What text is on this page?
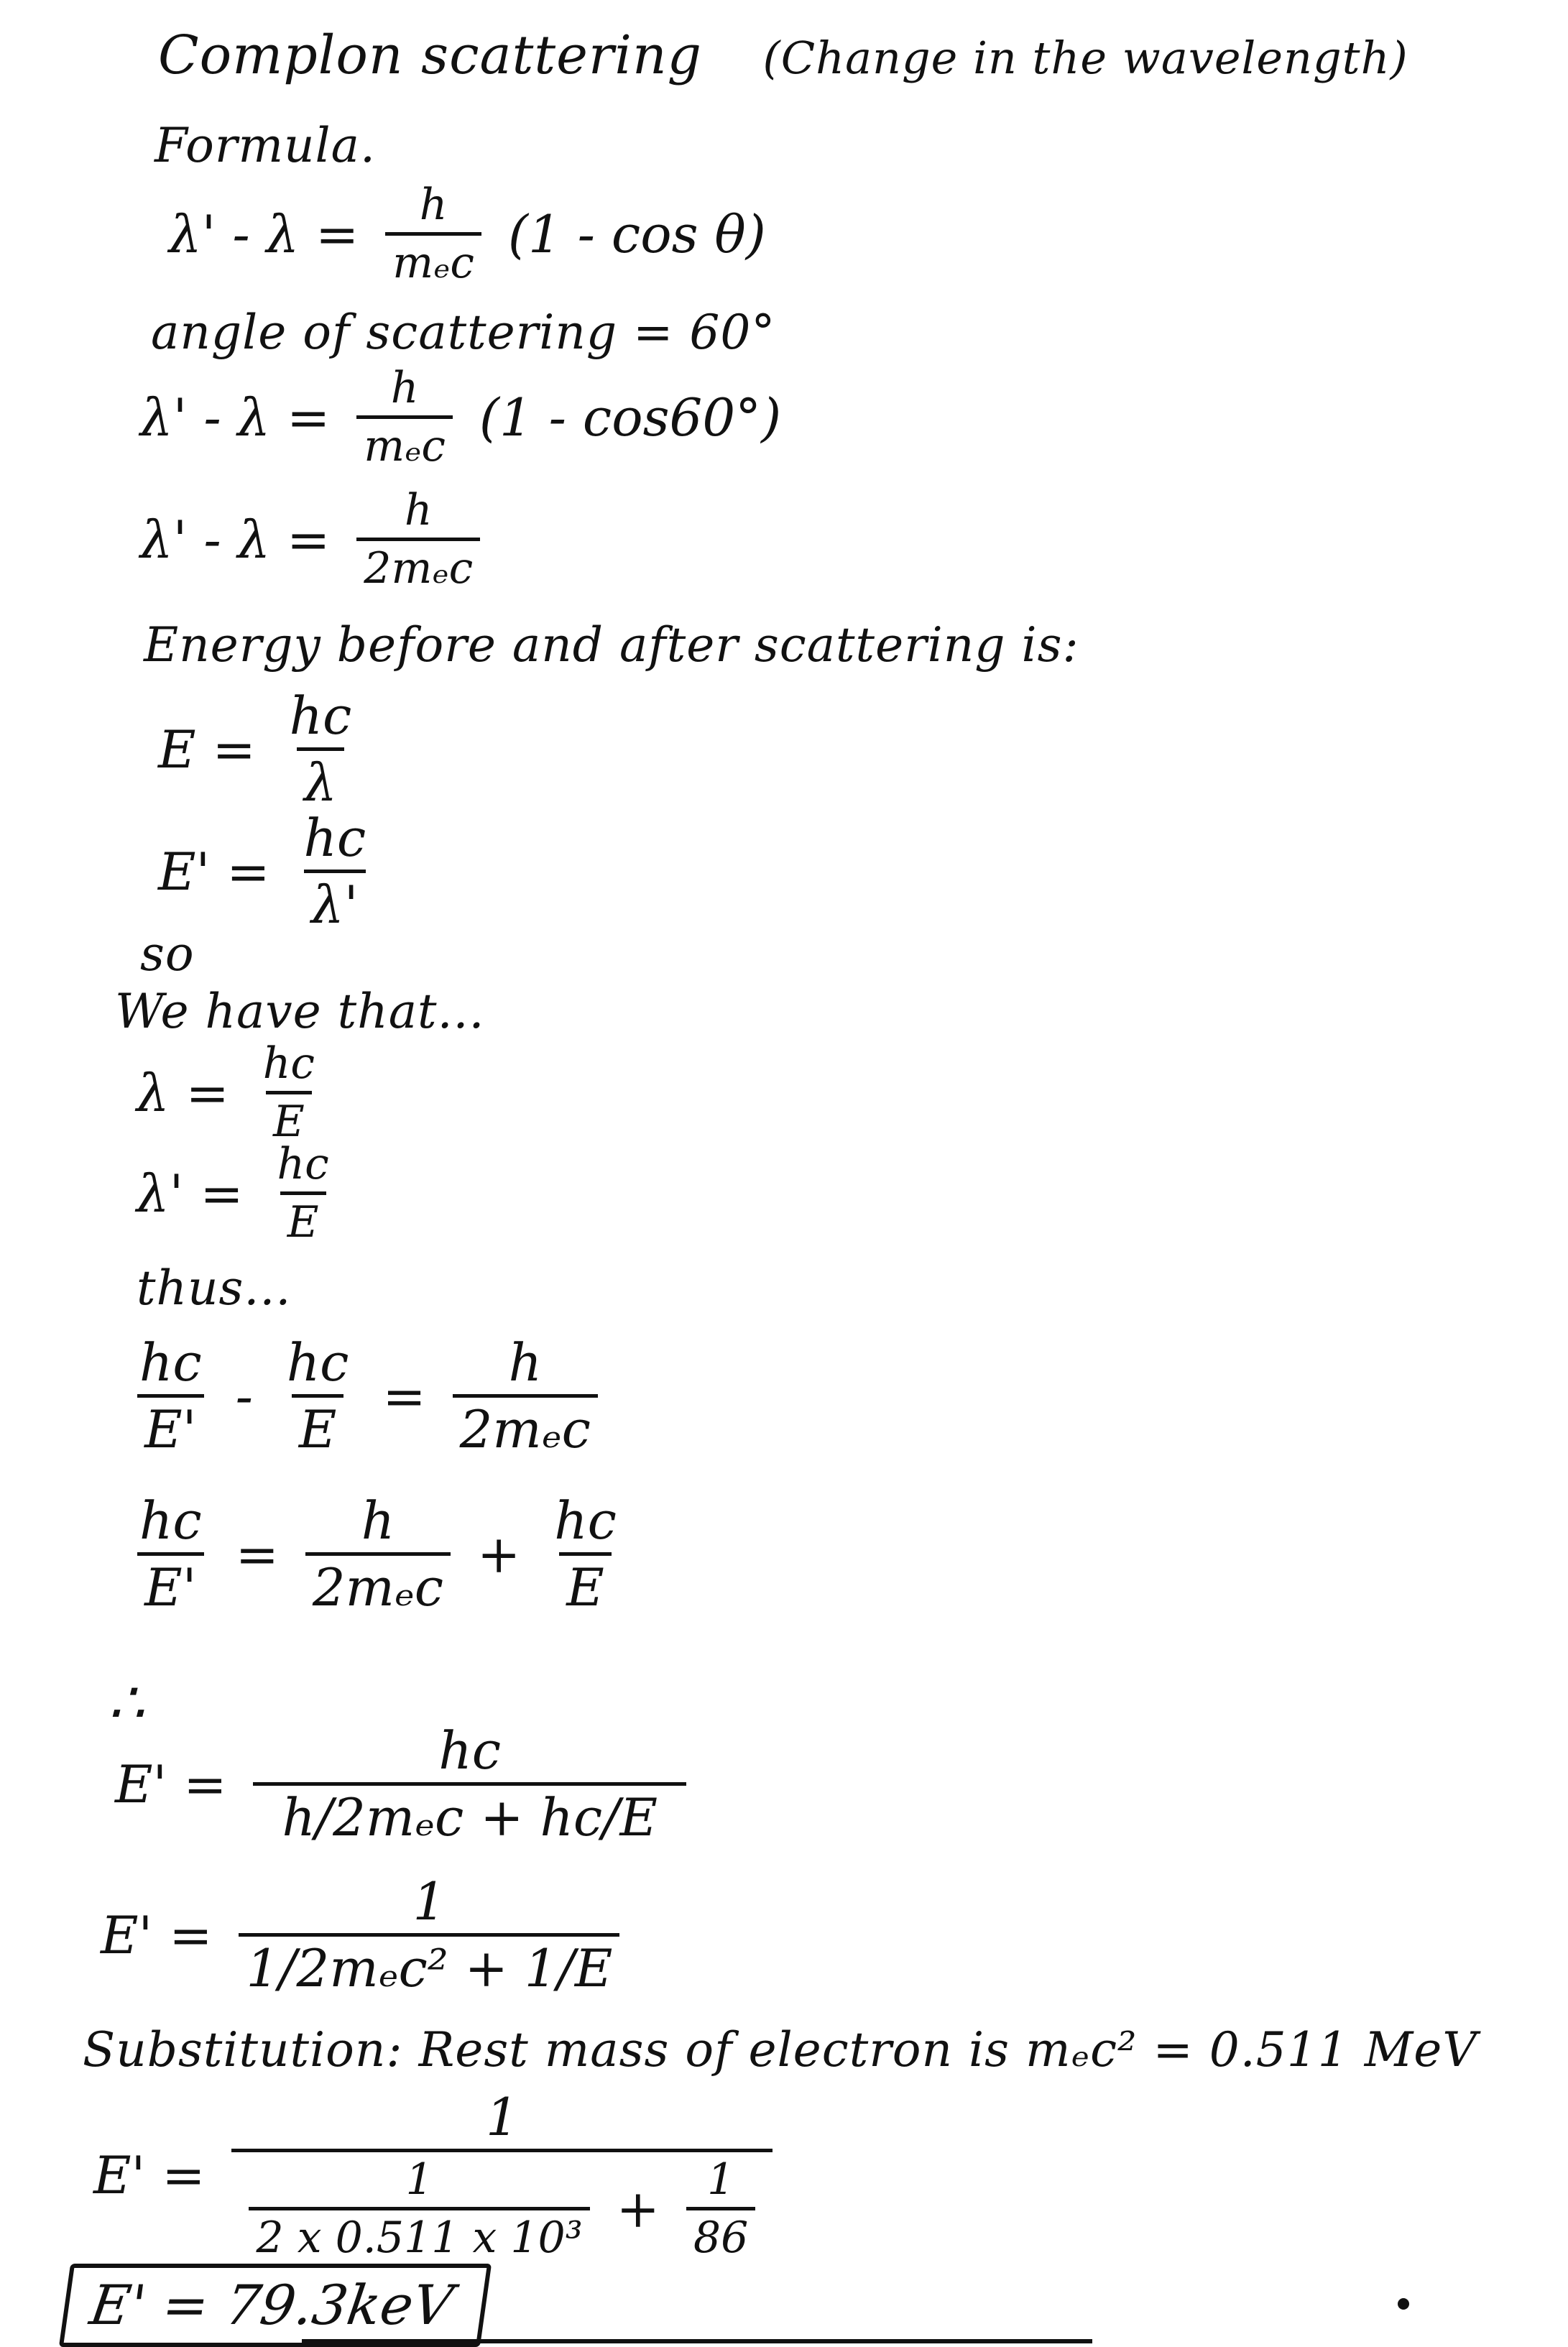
Complon scattering (Change in the wavelength)
Formula.
$\lambda' - \lambda = \frac{h}{\text{mₑc}} (1 - \cos \theta)$
angle of scattering = 60°
$\lambda' - \lambda = \frac{h}{\text{mₑc}} (1 - \cos 60^\circ)$
$\lambda' - \lambda = \frac{h}{\text{2mₑc}}$
Energy before and after scattering is:
$E = \frac{hc}{\lambda}$
$E' = \frac{hc}{\lambda'}$
so
We have that...
$\lambda = \frac{hc}{E}$
$\lambda' = \frac{hc}{E}$
thus...
$\frac{hc}{E'} - \frac{hc}{E} = \frac{h}{\text{2mₑc}}$
$\frac{hc}{E'} = \frac{h}{\text{2mₑc}} + \frac{hc}{E}$
∴
$E' = \frac{hc}{\text{h/2mₑc + hc/E}}$
$E' = \frac{1}{\text{1/2mₑc² + 1/E}}$
Substitution: Rest mass of electron is mₑc² = 0.511 MeV
E' =
1
$\frac{1}{\text{2 x 0.511 x 10³}} + \frac{1}{86}$
E' = 79.3keV
